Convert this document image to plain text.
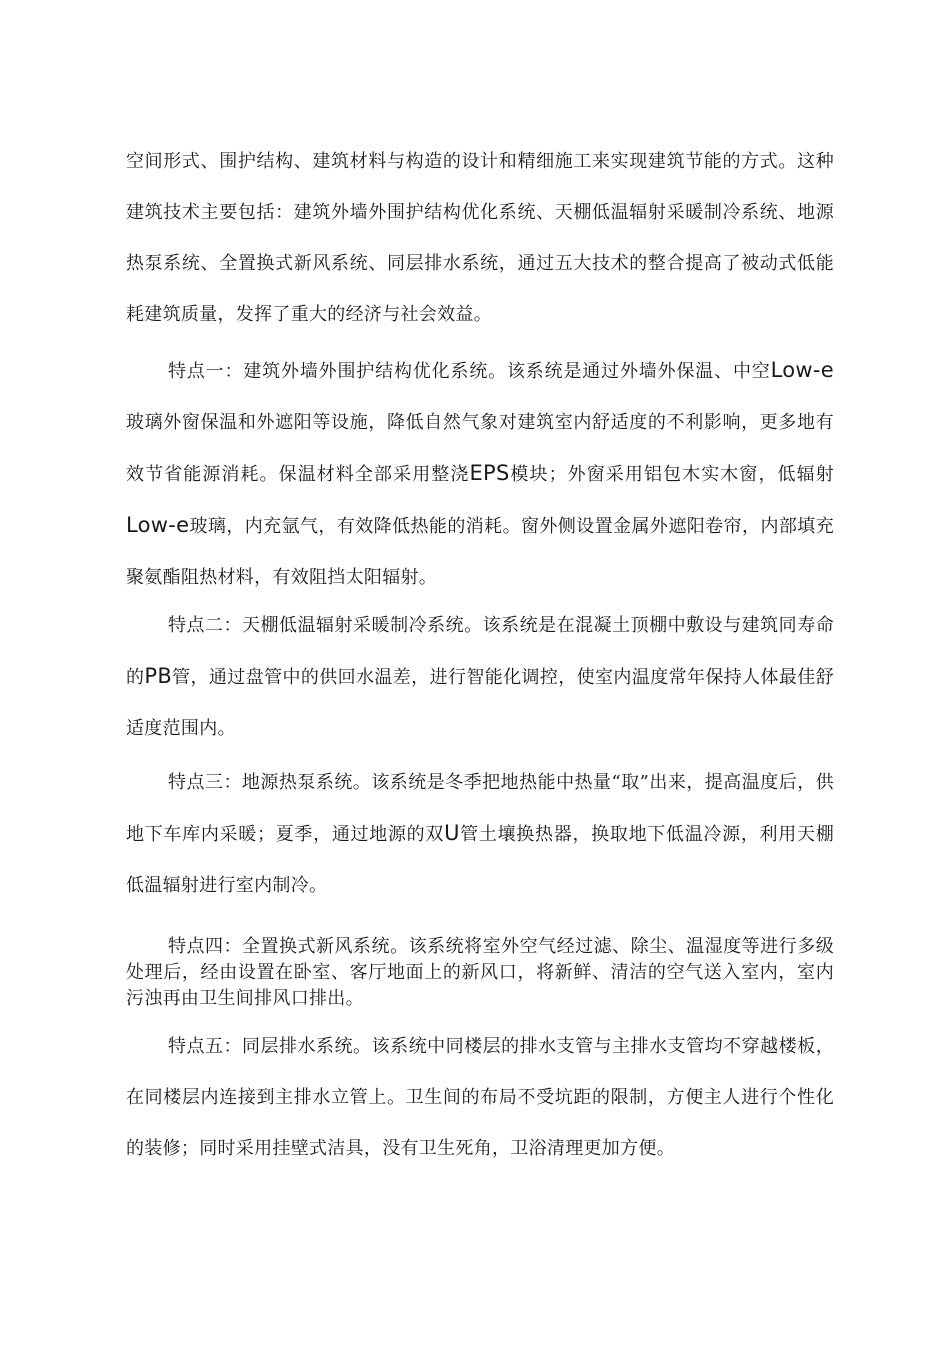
空间形式、围护结构、建筑材料与构造的设计和精细施工来实现建筑节能的方式。这种建筑技术主要包括：建筑外墙外围护结构优化系统、天棚低温辐射采暖制冷系统、地源热泵系统、全置换式新风系统、同层排水系统，通过五大技术的整合提高了被动式低能耗建筑质量，发挥了重大的经济与社会效益。

特点一：建筑外墙外围护结构优化系统。该系统是通过外墙外保温、中空Low-e玻璃外窗保温和外遮阳等设施，降低自然气象对建筑室内舒适度的不利影响，更多地有效节省能源消耗。保温材料全部采用整浇EPS模块；外窗采用铝包木实木窗，低辐射Low-e玻璃，内充氩气，有效降低热能的消耗。窗外侧设置金属外遮阳卷帘，内部填充聚氨酯阻热材料，有效阻挡太阳辐射。

特点二：天棚低温辐射采暖制冷系统。该系统是在混凝土顶棚中敷设与建筑同寿命的PB管，通过盘管中的供回水温差，进行智能化调控，使室内温度常年保持人体最佳舒适度范围内。

特点三：地源热泵系统。该系统是冬季把地热能中热量“取”出来，提高温度后，供地下车库内采暖；夏季，通过地源的双U管土壤换热器，换取地下低温冷源，利用天棚低温辐射进行室内制冷。

特点四：全置换式新风系统。该系统将室外空气经过滤、除尘、温湿度等进行多级处理后，经由设置在卧室、客厅地面上的新风口，将新鲜、清洁的空气送入室内，室内污浊再由卫生间排风口排出。

特点五：同层排水系统。该系统中同楼层的排水支管与主排水支管均不穿越楼板，在同楼层内连接到主排水立管上。卫生间的布局不受坑距的限制，方便主人进行个性化的装修；同时采用挂壁式洁具，没有卫生死角，卫浴清理更加方便。
